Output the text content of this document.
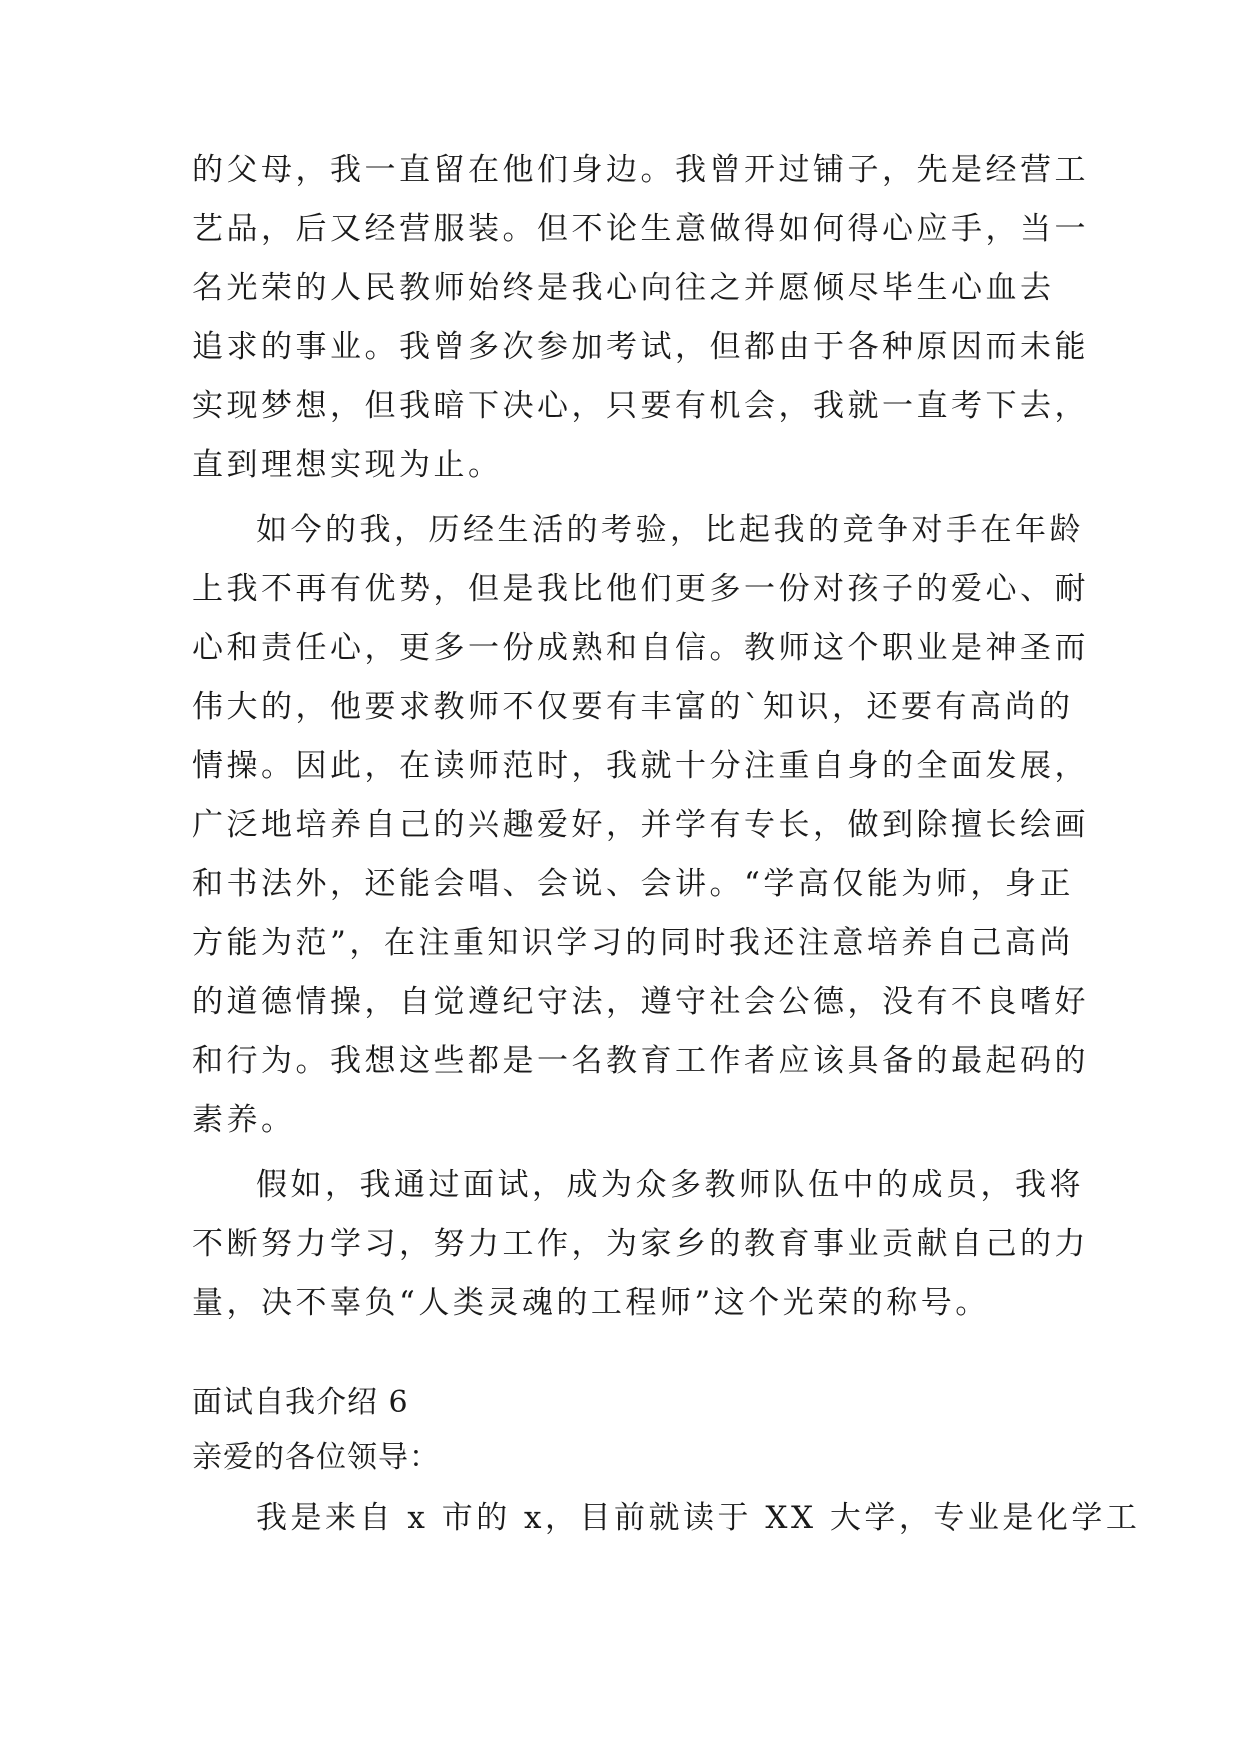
的父母，我一直留在他们身边。我曾开过铺子，先是经营工
艺品，后又经营服装。但不论生意做得如何得心应手，当一
名光荣的人民教师始终是我心向往之并愿倾尽毕生心血去
追求的事业。我曾多次参加考试，但都由于各种原因而未能
实现梦想，但我暗下决心，只要有机会，我就一直考下去，
直到理想实现为止。
如今的我，历经生活的考验，比起我的竞争对手在年龄
上我不再有优势，但是我比他们更多一份对孩子的爱心、耐
心和责任心，更多一份成熟和自信。教师这个职业是神圣而
伟大的，他要求教师不仅要有丰富的`知识，还要有高尚的
情操。因此，在读师范时，我就十分注重自身的全面发展，
广泛地培养自己的兴趣爱好，并学有专长，做到除擅长绘画
和书法外，还能会唱、会说、会讲。“学高仅能为师，身正
方能为范”，在注重知识学习的同时我还注意培养自己高尚
的道德情操，自觉遵纪守法，遵守社会公德，没有不良嗜好
和行为。我想这些都是一名教育工作者应该具备的最起码的
素养。
假如，我通过面试，成为众多教师队伍中的成员，我将
不断努力学习，努力工作，为家乡的教育事业贡献自己的力
量，决不辜负“人类灵魂的工程师”这个光荣的称号。
面试自我介绍 6
亲爱的各位领导：
我是来自 x 市的 x，目前就读于 XX 大学，专业是化学工
